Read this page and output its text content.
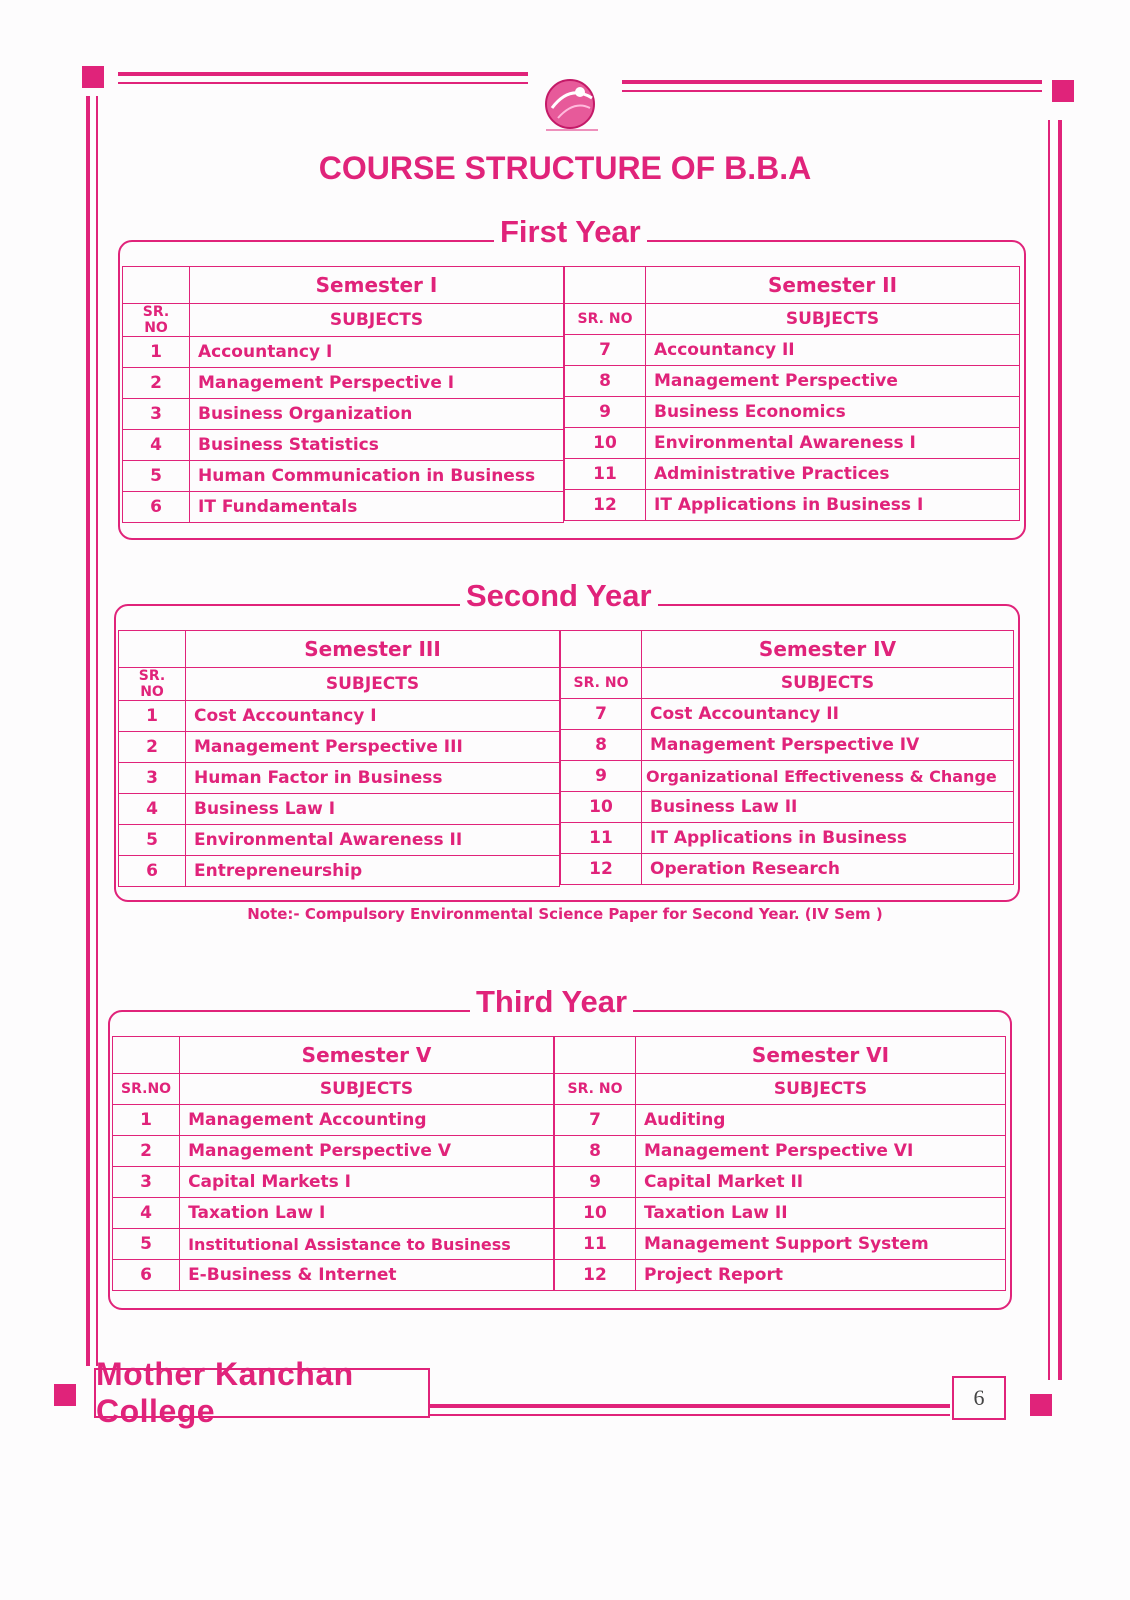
COURSE STRUCTURE OF B.B.A
First Year
	Semester I
SR. NO	SUBJECTS
1	Accountancy I
2	Management Perspective I
3	Business Organization
4	Business Statistics
5	Human Communication in Business
6	IT Fundamentals
	Semester II
SR. NO	SUBJECTS
7	Accountancy II
8	Management Perspective
9	Business Economics
10	Environmental Awareness I
11	Administrative Practices
12	IT Applications in Business I
Second Year
	Semester III
SR. NO	SUBJECTS
1	Cost Accountancy I
2	Management Perspective III
3	Human Factor in Business
4	Business Law I
5	Environmental Awareness II
6	Entrepreneurship
	Semester IV
SR. NO	SUBJECTS
7	Cost Accountancy II
8	Management Perspective IV
9	Organizational Effectiveness & Change
10	Business Law II
11	IT Applications in Business
12	Operation Research
Note:- Compulsory Environmental Science Paper for Second Year. (IV Sem )
Third Year
	Semester V
SR.NO	SUBJECTS
1	Management Accounting
2	Management Perspective V
3	Capital Markets I
4	Taxation Law I
5	Institutional Assistance to Business
6	E-Business & Internet
	Semester VI
SR. NO	SUBJECTS
7	Auditing
8	Management Perspective VI
9	Capital Market II
10	Taxation Law II
11	Management Support System
12	Project Report
Mother Kanchan College	6
